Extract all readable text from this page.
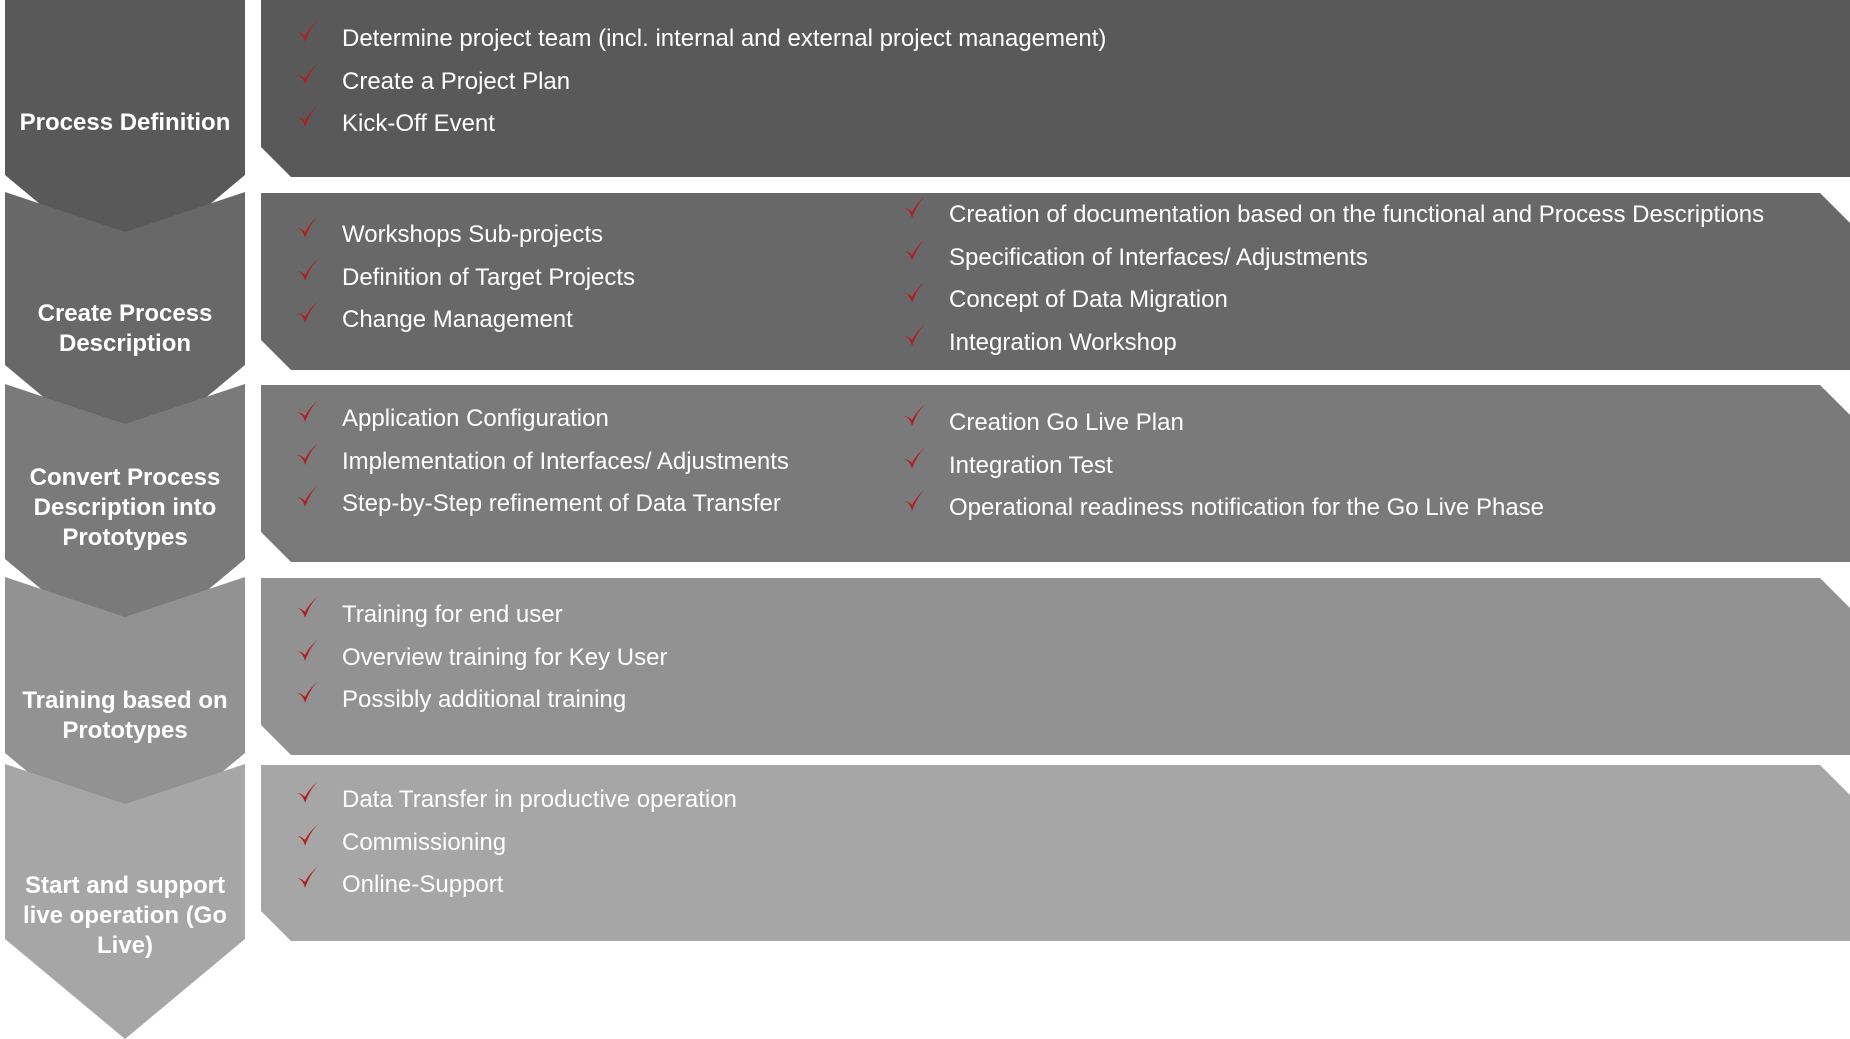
Process Definition
Determine project team (incl. internal and external project management)
Create a Project Plan
Kick-Off Event
Create Process Description
Workshops Sub-projects
Definition of Target Projects
Change Management
Creation of documentation based on the functional and Process Descriptions
Specification of Interfaces/ Adjustments
Concept of Data Migration
Integration Workshop
Convert Process Description into Prototypes
Application Configuration
Implementation of Interfaces/ Adjustments
Step-by-Step refinement of Data Transfer
Creation Go Live Plan
Integration Test
Operational readiness notification for the Go Live Phase
Training based on Prototypes
Training for end user
Overview training for Key User
Possibly additional training
Start and support live operation (Go Live)
Data Transfer in productive operation
Commissioning
Online-Support
